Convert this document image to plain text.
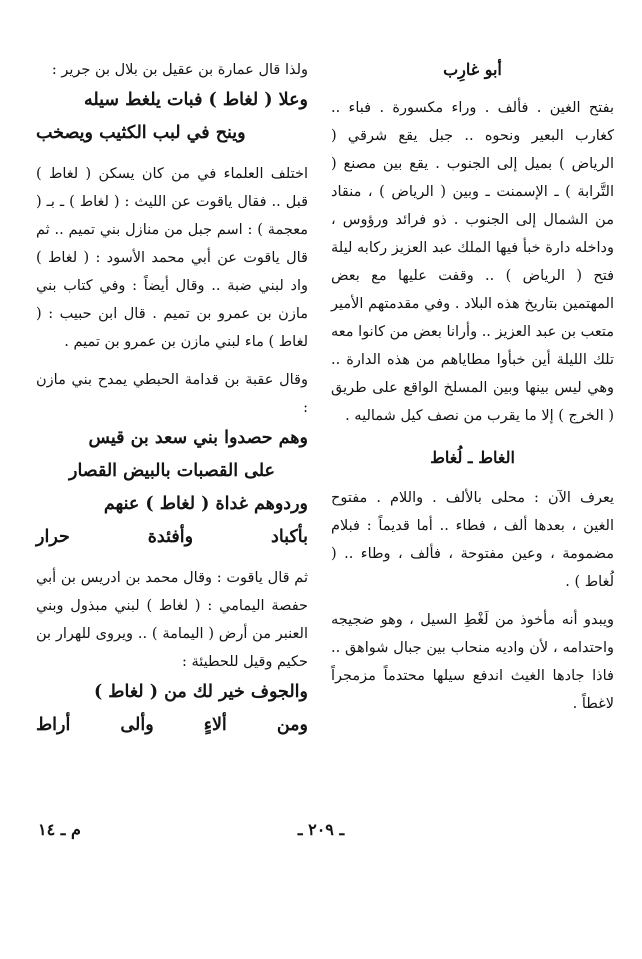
أبو غارِب

بفتح الغين . فألف . وراء مكسورة . فباء .. كغارب البعير ونحوه .. جبل يقع شرقي ( الرياض ) بميل إلى الجنوب . يقع بين مصنع ( التَّرابة ) ـ الإسمنت ـ وبين ( الرياض ) ، منقاد من الشمال إلى الجنوب . ذو فرائد ورؤوس ، وداخله دارة خبأ فيها الملك عبد العزيز ركابه ليلة فتح ( الرياض ) .. وقفت عليها مع بعض المهتمين بتاريخ هذه البلاد . وفي مقدمتهم الأمير متعب بن عبد العزيز .. وأرانا بعض من كانوا معه تلك الليلة أين خبأوا مطاياهم من هذه الدارة .. وهي ليس بينها وبين المسلخ الواقع على طريق ( الخرج ) إلا ما يقرب من نصف كيل شماليه .

الغاط ـ لُغاط

يعرف الآن : محلى بالألف . واللام . مفتوح الغين ، بعدها ألف ، فطاء .. أما قديماً : فبلام مضمومة ، وعين مفتوحة ، فألف ، وطاء .. ( لُغاط ) .

ويبدو أنه مأخوذ من لَغْطِ السيل ، وهو ضجيجه واحتدامه ، لأن واديه منحاب بين جبال شواهق .. فاذا جادها الغيث اندفع سيلها محتدماً مزمجراً لاغطاً .

ولذا قال عمارة بن عقيل بن بلال بن جرير :

وعلا ( لغاط ) فبات يلغط سيله
وينح في لبب الكثيب ويصخب

اختلف العلماء في من كان يسكن ( لغاط ) قبل .. فقال ياقوت عن الليث : ( لغاط ) ـ بـ ( معجمة ) : اسم جبل من منازل بني تميم .. ثم قال ياقوت عن أبي محمد الأسود : ( لغاط ) واد لبني ضبة .. وقال أيضاً : وفي كتاب بني مازن بن عمرو بن تميم . قال ابن حبيب : ( لغاط ) ماء لبني مازن بن عمرو بن تميم .

وقال عقبة بن قدامة الحبطي يمدح بني مازن :

وهم حصدوا بني سعد بن قيس
على القصبات بالبيض القصار
وردوهم غداة ( لغاط ) عنهم
بأكباد وأفئدة حرار

ثم قال ياقوت : وقال محمد بن ادريس بن أبي حفصة اليمامي : ( لغاط ) لبني مبذول وبني العنبر من أرض ( اليمامة ) .. ويروى للهرار بن حكيم وقيل للحطيئة :

والجوف خير لك من ( لغاط )
ومن ألاءٍ وألى أراط
ـ ٢٠٩ ـ
م ـ ١٤
